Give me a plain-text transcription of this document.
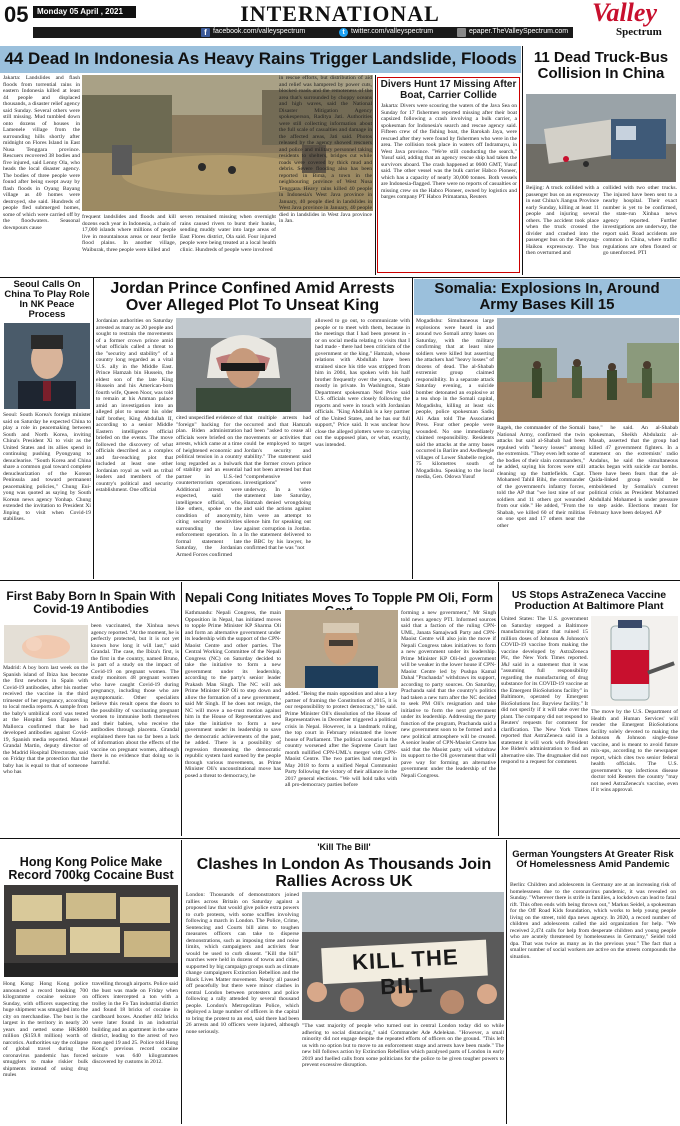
05 Monday 05 April , 2021	INTERNATIONAL
f facebook.com/valleyspectrum	t twitter.com/valleyspectrum	epaper.TheValleySpectrum.com
Valley
Spectrum
44 Dead In Indonesia As Heavy Rains Trigger Landslide, Floods
Jakarta: Landslides and flash floods from torrential rains in eastern Indonesia killed at least 44 people and displaced thousands, a disaster relief agency said Sunday. Several others were still missing. Mud tumbled down onto dozens of houses in Lamenele village from the surrounding hills shortly after midnight on Flores Island in East Nusa Tenggara province. Rescuers recovered 38 bodies and five injured, said Lenny Ola, who heads the local disaster agency. The bodies of three people were found after being swept away by flash floods in Oyang Bayang village as 40 homes were destroyed, she said. Hundreds of people fled submerged homes, some of which were carried off by the floodwaters. Seasonal downpours cause
frequent landslides and floods and kill dozens each year in Indonesia, a chain of 17,000 islands where millions of people live in mountainous areas or near fertile flood plains. In another village, Waiburak, three people were killed and
seven remained missing when overnight rains caused rivers to burst their banks, sending muddy water into large areas of East Flores district, Ola said. Four injured people were being treated at a local health clinic. Hundreds of people were involved
in rescue efforts, but distribution of aid and relief was hampered by power cuts, blocked roads and the remoteness of the area that's surrounded by choppy oceans and high waves, said the National Disaster Mitigation Agency spokesperson, Raditya Jati. Authorities were still collecting information about the full scale of casualties and damage in the affected areas, Jati said. Photos released by the agency showed rescuers and police and military personnel taking residents to shelters, bridges cut while roads were covered by thick mud and debris. Severe flooding also has been reported in Bima, a town in the neighbouring province of West Nusa Tenggara. Heavy rains killed 40 people in Indonesia's West Java province in January, 40 people died in landslides in West Java province in January, 40 people died in landslides in West Java province in Jan.
Divers Hunt 17 Missing After Boat, Carrier Collide
Jakarta: Divers were scouring the waters of the Java Sea on Sunday for 17 fishermen reported missing after their boat capsized following a crash involving a bulk carrier, a spokesman for Indonesia's search and rescue agency said. Fifteen crew of the fishing boat, the Barokah Jaya, were rescued after they were found by fishermen who were in the area. The collision took place in waters off Indramayu, in West Java province. "We're still conducting the search," Yusuf said, adding that an agency rescue ship had taken the survivors aboard. The crash happened at 0600 GMT, Yusuf said. The other vessel was the bulk carrier Habco Pioneer, which has a capacity of nearly 30,000 tonnes. Both vessels are Indonesia-flagged. There were no reports of casualties or missing crew on the Habco Pioneer, owned by logistics and barges company PT Habco Primatama, Reuters
11 Dead Truck-Bus Collision In China
Beijing: A truck collided with a passenger bus on an expressway in east China's Jiangsu Province early Sunday, killing at least 11 people and injuring several others. The accident took place when the truck crossed the divider and crashed into the passenger bus on the Shenyang-Haikou expressway. The bus then overturned and
collided with two other trucks. The injured have been sent to a nearby hospital. Their exact number is yet to be confirmed, the state-run Xinhua news agency reported. Further investigations are underway, the report said. Road accidents are common in China, where traffic regulations are often flouted or go unenforced. PTI
Seoul Calls On China To Play Role In NK Peace Process
Seoul: South Korea's foreign minister said on Saturday he expected China to play a role in peacemaking between South and North Korea, inviting China's President Xi to visit as the United States and its allies spend in continuing pushing Pyongyang to denuclearise. "South Korea and China share a common goal toward complete denuclearization of the Korean Peninsula and toward permanent peacemaking policies," Chung Eui-yong was quoted as saying by South Korean news agency Yonhap. Chung extended the invitation to President Xi Jinping to visit when Covid-19 stabilises.
Jordan Prince Confined Amid Arrests Over Alleged Plot To Unseat King
Jordanian authorities on Saturday arrested as many as 20 people and sought to restrain the movements of a former crown prince amid what officials called a threat to the "security and stability" of a country long regarded as a vital U.S. ally in the Middle East. Prince Hamzah bin Hussein, the eldest son of the late King Hussein and his American-born fourth wife, Queen Noor, was told to remain at his Amman palace amid an investigation into an alleged plot to unseat his older half brother, King Abdullah II, according to a senior Middle Eastern intelligence official briefed on the events. The move followed the discovery of what officials described as a complex and far-reaching plot that included at least one other Jordanian royal as well as tribal leaders and members of the country's political and security establishment. One official
cited unspecified evidence of "foreign" backing for the plan. Biden administration officials were briefed on the arrests, which came at a time of heightened economic and political tension in a country long regarded as a bulwark of stability and an essential partner in U.S.-led counterterrorism operations. Additional arrests were expected, said the intelligence official, who, like others, spoke on the condition of anonymity, citing security sensitivities surrounding the law enforcement operation. In a formal statement late Saturday, the Jordanian Armed Forces confirmed
that multiple arrests had occurred and that Hamzah had been "asked to cease all movements or activities that could be employed to target Jordan's security and stability." The statement said that the former crown prince had not been arrested but that "comprehensive investigations" were underway. In a video statement late Saturday, Hamzah denied wrongdoing and said the actions against him were an attempt to silence him for speaking out against corruption in Jordan. In the statement delivered to the BBC by his lawyer, he confirmed that he was "not
allowed to go out, to communicate with people or to meet with them, because in the meetings that I had been present in - or on social media relating to visits that I had made - there had been criticism of the government or the king." Hamzah, whose relations with Abdullah have been strained since his title was stripped from him in 2004, has spoken with his half brother frequently over the years, though mostly in private. In Washington, State Department spokesman Ned Price said U.S. officials were closely following the reports and were in touch with Jordanian officials. "King Abdullah is a key partner of the United States, and he has our full support," Price said. It was unclear how close the alleged plotters were to carrying out the supposed plan, or what, exactly, was intended.
Somalia: Explosions In, Around Army Bases Kill 15
Mogadishu: Simultaneous large explosions were heard in and around two Somali army bases on Saturday, with the military confirming that at least nine soldiers were killed but asserting the attackers had "heavy losses" of dozens of dead. The al-Shabab extremist group claimed responsibility. In a separate attack Saturday evening, a suicide bomber detonated an explosive at a tea shop in the Somali capital, Mogadishu, killing at least six people, police spokesman Sadiq Ali Adan told The Associated Press. Four other people were wounded. No one immediately claimed responsibility. Residents said the attacks at the army bases occurred in Bariire and Awdheegle villages of Lower Shabelle region, 75 kilometres south of Mogadishu. Speaking to the local media, Gen. Odowa Yusuf
Rageh, the commander of the Somali National Army, confirmed the twin attacks but said al-Shabab had been repulsed with "heavy losses" among the extremists. "They even left some of the bodies of their slain commanders," he added, saying his forces were still cleaning up the battlefields. Capt. Mohamed Tahlil Bihi, the commander of the government's infantry forces, told the AP that "we lost nine of our soldiers and 11 others got wounded from our side." He added, "From the Shabab, we killed 60 of their militias on one spot and 17 others near the other
base," he said. An al-Shabab spokesman, Sheikh Abdulaziz al-Masab, asserted that the group had killed 47 government fighters. In a statement on the extremists' radio Andalus, he said the simultaneous attacks began with suicide car bombs. There have been fears that the al-Qaida-linked group would be emboldened by Somalia's current political crisis as President Mohamed Abdullahi Mohamed is under pressure to step aside. Elections meant for February have been delayed. AP
First Baby Born In Spain With Covid-19 Antibodies
Madrid: A boy born last week on the Spanish island of Ibiza has become the first newborn in Spain with Covid-19 antibodies, after his mother received the vaccine in the third trimester of her pregnancy, according to local media reports. A sample from the baby's umbilical cord was tested at the Hospital Son Espases in Mallorca confirmed that he had developed antibodies against Covid-19, Spanish media reported. Manuel Grandal Martin, deputy director of the Madrid Hospital Directorate, said on Friday that the protection that the baby has is equal to that of someone who has
been vaccinated, the Xinhua news agency reported. "At the moment, he is perfectly protected, but it is not yet known how long it will last," said Grandal. The case, the Ibiza's first, is the first in the country, named Bruno, is part of a study on the impact of Covid-19 on pregnant women. The study monitors 48 pregnant women who have caught Covid-19 during pregnancy, including those who are asymptomatic. Other specialists believe this result opens the doors to the possibility of vaccinating pregnant women to immunise both themselves and their babies, who receive the antibodies through placenta. Grandal explained there has so far been a lack of information about the effects of the vaccine on pregnant women, although there is no evidence that doing so is harmful.
Nepali Cong Initiates Moves To Topple PM Oli, Form
Kathmandu: Nepali Congress, the main Opposition in Nepal, has initiated moves to topple Prime Minister KP Sharma Oli and form an alternative government under its leadership with the support of the CPN-Maoist Centre and other parties. The Central Working Committee of the Nepali Congress (NC) on Saturday decided to take the initiative to form a new government under its leadership, according to the party's senior leader Prakash Man Singh. The NC will ask Prime Minister KP Oli to step down and allow the formation of a new government, said Mr Singh. If he does not resign, the NC will move a no-trust motion against him in the House of Representatives and take the initiative to form a new government under its leadership to save the democratic achievements of the past, he added. There is a possibility of regression threatening the democratic republic system hard earned by the people through various movements, as Prime Minister Oli's unconstitutional move has posed a threat to democracy, he
added. "Being the main opposition and also a key partner of framing the Constitution of 2015, it is our responsibility to protect democracy," he said. Prime Minister Oli's dissolution of the House of Representatives in December triggered a political crisis in Nepal. However, in a landmark ruling, the top court in February reinstated the lower house of Parliament. The political scenario in the country worsened after the Supreme Court last month nullified CPN-UML's merger with CPN-Maoist Centre. The two parties had merged in May 2018 to form a unified Nepal Communist Party following the victory of their alliance in the 2017 general elections. "We will hold talks with all pro-democracy parties before
forming a new government," Mr Singh told news agency PTI. Informed sources said that a faction of the ruling CPN-UML, Janata Samajwadi Party and CPN-Maoist Centre will also join the move if Nepali Congress takes initiatives to form a new government under its leadership. Prime Minister KP Oli-led government will be weaker in the lower house if CPN-Maoist Centre led by Pushpa Kamal Dahal "Prachanda" withdraws its support, according to party sources. On Saturday, Prachanda said that the country's politics had taken a new turn after the NC decided to seek PM Oli's resignation and take initiative to form the next government under its leadership. Addressing the party function of the program, Prachanda said a new government soon to be formed and a new political atmosphere will be created. A senior leader of CPN-Maoist Centre has said that the Maoist party will withdraw its support to the Oli government that will pave way for forming an alternative government under the leadership of the Nepali Congress.
US Stops AstraZeneca Vaccine Production At Baltimore Plant
United States: The U.S. government on Saturday stepped a Baltimore manufacturing plant that ruined 15 million doses of Johnson & Johnson's COVID-19 vaccine from making the vaccine developed by AstraZeneca Plc, the New York Times reported. J&J said in a statement that it was "assuming full responsibility regarding the manufacturing of drug substance for its COVID-19 vaccine at the Emergent BioSolutions facility" in Baltimore, operated by Emergent BioSolutions Inc. Bayview facility." It did not specify if it will take over the plant. The company did not respond to Reuters' requests for comment for clarification. The New York Times reported that AstraZeneca said in a statement it will work with President Joe Biden's administration to find an alternative site. The drugmaker did not respond to a request for comment.
The move by the U.S. Department of Health and Human Services' will render the Emergent BioSolutions facility solely devoted to making the Johnson & Johnson single-dose vaccine, and is meant to avoid future mix-ups, according to the newspaper report, which cites two senior federal health officials. The U.S. government's top infectious disease doctor told Reuters the country "may not need AstraZeneca's vaccine, even if it wins approval.
Hong Kong Police Make Record 700kg Cocaine Bust
Hong Kong: Hong Kong police announced a record breaking 700 kilogramme cocaine seizure on Sunday, with officers suspecting the huge shipment was smuggled into the city on merchandise. The bust is the largest in the territory in nearly 20 years and netted some HK$600 million ($159.8 million) worth of narcotics. Authorities say the collapse of global travel during the coronavirus pandemic has forced smugglers to make riskier bulk shipments instead of using drug mules
travelling through airports. Police said the bust was made on Friday when officers intercepted a ton with a trolley in the Fo Tan industrial district and found 18 bricks of cocaine in cardboard boxes. Another 402 bricks were later found in an industrial building and an apartment in the same district, leading to the arrest of two men aged 19 and 25. Police told Hong Kong's previous record cocaine seizure was 640 kilogrammes discovered by customs in 2012.
'Kill The Bill'
Clashes In London As Thousands Join Rallies Across UK
London: Thousands of demonstrators joined rallies across Britain on Saturday against a proposed law that would give police extra powers to curb protests, with some scuffles involving following a march in London. The Police, Crime, Sentencing and Courts bill aims to toughen measures officers can take to disperse demonstrations, such as imposing time and noise limits, which campaigners and activists fear would be used to curb dissent. "Kill the bill" marches were held in dozens of towns and cities, supported by big campaign groups such as climate change campaigners Extinction Rebellion and the Black Lives Matter movement. Nearly all passed off peacefully but there were minor clashes in central London between protesters and police following a rally attended by several thousand people. London's Metropolitan Police, which deployed a large number of officers in the capital to bring the protest to an end, said there had been 26 arrests and 10 officers were injured, although none seriously.
KILL THE BILL
"The vast majority of people who turned out in central London today did so while adhering to social distancing," said Commander Ade Adelekan. "However, a small minority did not engage despite the repeated efforts of officers on the ground. "This left us with no option but to move to an enforcement stage and arrests have been made." The new bill follows action by Extinction Rebellion which paralysed parts of London in early 2019 and fuelled calls from some politicians for the police to be given tougher powers to prevent excessive disruption.
German Youngsters At Greater Risk Of Homelessness Amid Pandemic
Berlin: Children and adolescents in Germany are at an increasing risk of homelessness due to the coronavirus pandemic, it was revealed on Sunday. "Wherever there is strife in families, a lockdown can lead to fatal rift. This often ends with being thrown out," Markus Seidel, a spokesman for the Off Road Kids foundation, which works to help young people living on the street, told dpa news agency. In 2020, a record number of children and adolescents called the aid organization for help. "We received 2,474 calls for help from desperate children and young people who are acutely threatened by homelessness in Germany," Seidel told dpa. That was twice as many as in the previous year." The fact that a smaller number of social workers are active on the streets compounds the situation.
